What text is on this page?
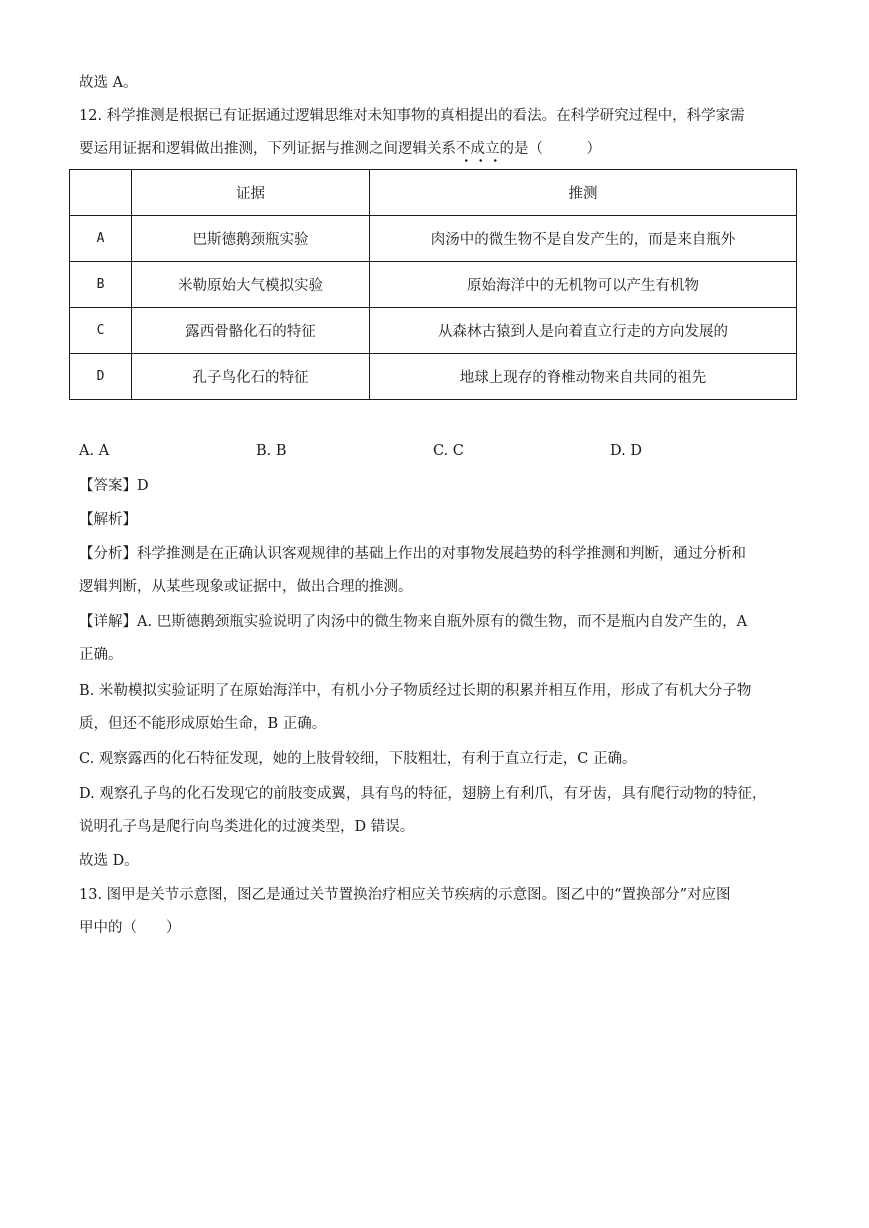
故选 A。
12. 科学推测是根据已有证据通过逻辑思维对未知事物的真相提出的看法。在科学研究过程中，科学家需
要运用证据和逻辑做出推测，下列证据与推测之间逻辑关系不成立的是（　　　）
	证据	推测
A	巴斯德鹅颈瓶实验	肉汤中的微生物不是自发产生的，而是来自瓶外
B	米勒原始大气模拟实验	原始海洋中的无机物可以产生有机物
C	露西骨骼化石的特征	从森林古猿到人是向着直立行走的方向发展的
D	孔子鸟化石的特征	地球上现存的脊椎动物来自共同的祖先
A. A	B. B	C. C	D. D
【答案】D
【解析】
【分析】科学推测是在正确认识客观规律的基础上作出的对事物发展趋势的科学推测和判断，通过分析和
逻辑判断，从某些现象或证据中，做出合理的推测。
【详解】A. 巴斯德鹅颈瓶实验说明了肉汤中的微生物来自瓶外原有的微生物，而不是瓶内自发产生的，A
正确。
B. 米勒模拟实验证明了在原始海洋中，有机小分子物质经过长期的积累并相互作用，形成了有机大分子物
质，但还不能形成原始生命，B 正确。
C. 观察露西的化石特征发现，她的上肢骨较细，下肢粗壮，有利于直立行走，C 正确。
D. 观察孔子鸟的化石发现它的前肢变成翼，具有鸟的特征，翅膀上有利爪，有牙齿，具有爬行动物的特征，
说明孔子鸟是爬行向鸟类进化的过渡类型，D 错误。
故选 D。
13. 图甲是关节示意图，图乙是通过关节置换治疗相应关节疾病的示意图。图乙中的“置换部分”对应图
甲中的（　　）
